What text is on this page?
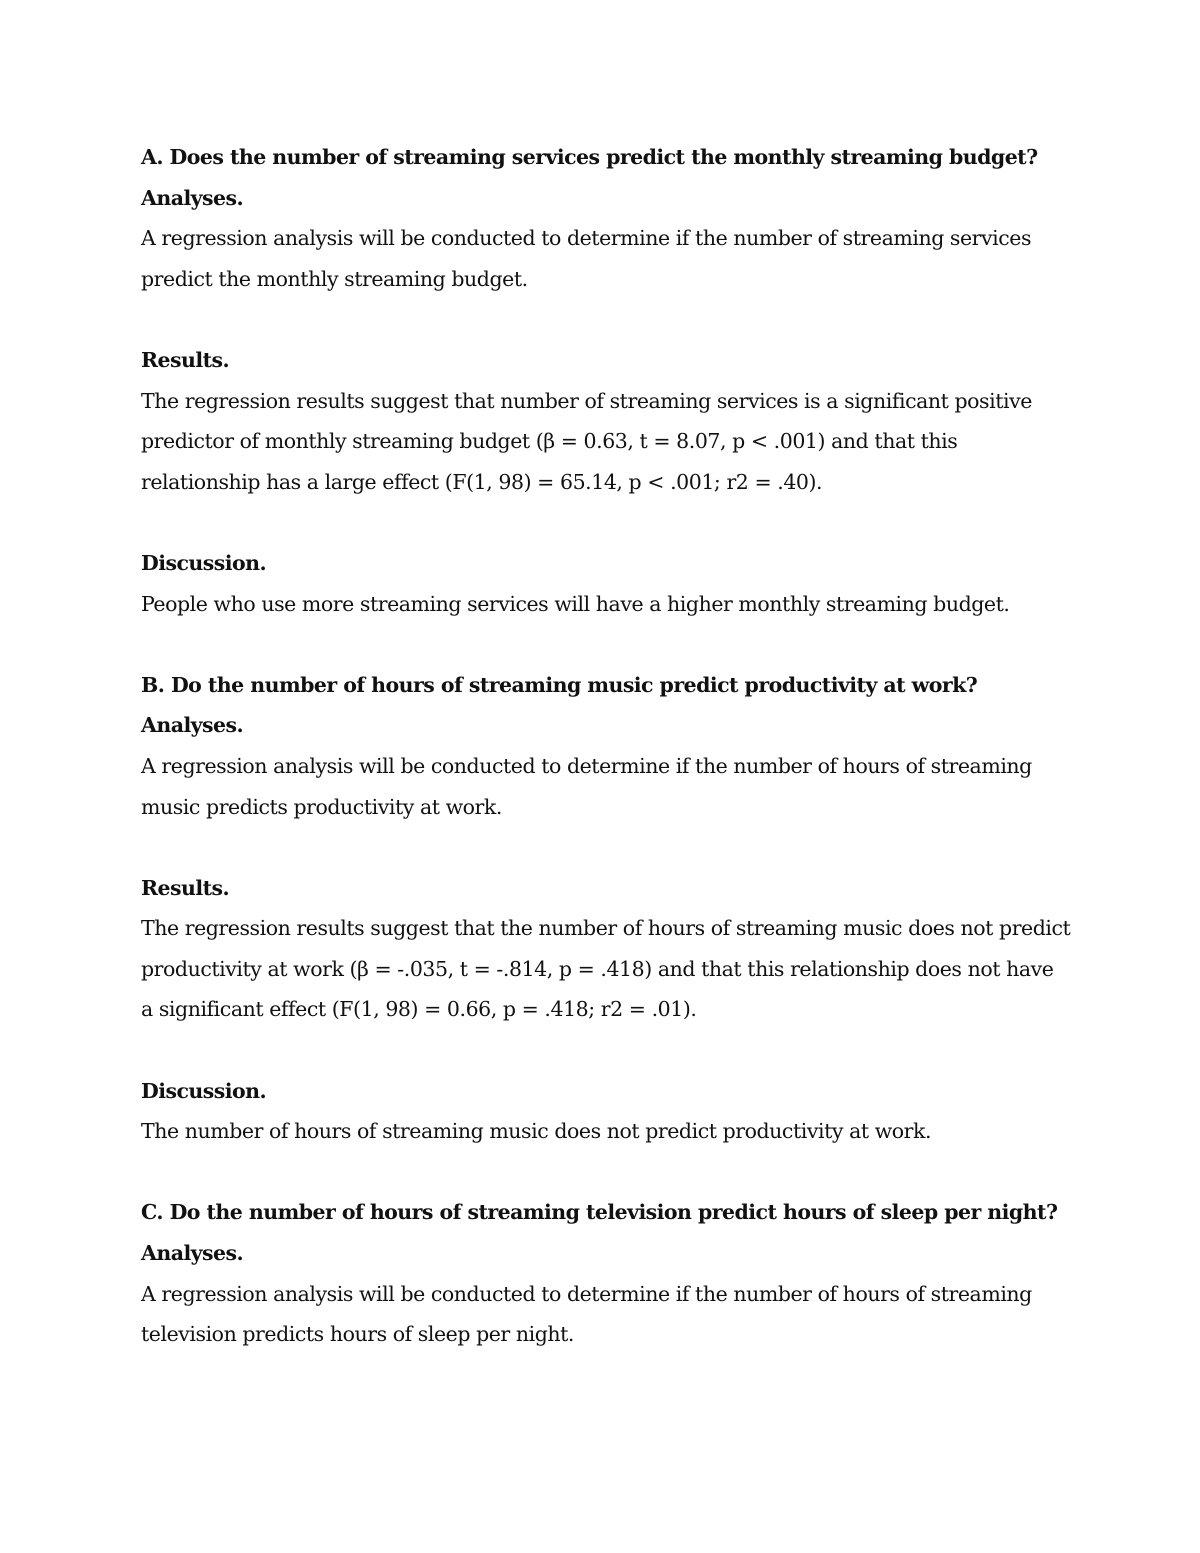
A. Does the number of streaming services predict the monthly streaming budget?
Analyses.
A regression analysis will be conducted to determine if the number of streaming services predict the monthly streaming budget.
Results.
The regression results suggest that number of streaming services is a significant positive predictor of monthly streaming budget (β = 0.63, t = 8.07, p < .001) and that this relationship has a large effect (F(1, 98) = 65.14, p < .001; r2 = .40).
Discussion.
People who use more streaming services will have a higher monthly streaming budget.
B. Do the number of hours of streaming music predict productivity at work?
Analyses.
A regression analysis will be conducted to determine if the number of hours of streaming music predicts productivity at work.
Results.
The regression results suggest that the number of hours of streaming music does not predict productivity at work (β = -.035, t = -.814, p = .418) and that this relationship does not have a significant effect (F(1, 98) = 0.66, p = .418; r2 = .01).
Discussion.
The number of hours of streaming music does not predict productivity at work.
C. Do the number of hours of streaming television predict hours of sleep per night?
Analyses.
A regression analysis will be conducted to determine if the number of hours of streaming television predicts hours of sleep per night.
